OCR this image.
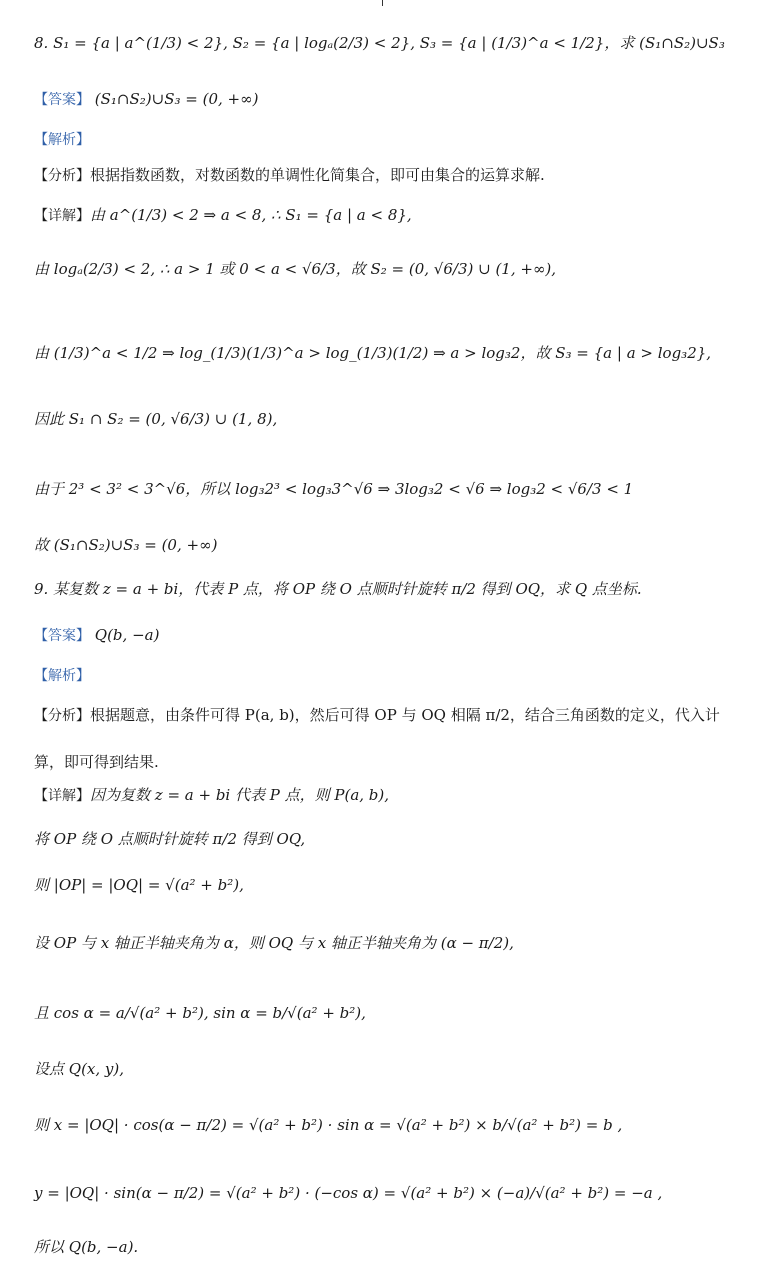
8. S₁ = {a | a^(1/3) < 2}, S₂ = {a | logₐ(2/3) < 2}, S₃ = {a | (1/3)^a < 1/2}，求 (S₁∩S₂)∪S₃
【答案】 (S₁∩S₂)∪S₃ = (0, +∞)
【解析】
【分析】根据指数函数，对数函数的单调性化简集合，即可由集合的运算求解.
【详解】由 a^(1/3) < 2 ⇒ a < 8, ∴ S₁ = {a | a < 8},
由 logₐ(2/3) < 2, ∴ a > 1 或 0 < a < √6/3，故 S₂ = (0, √6/3) ∪ (1, +∞),
由 (1/3)^a < 1/2 ⇒ log_(1/3)(1/3)^a > log_(1/3)(1/2) ⇒ a > log₃2，故 S₃ = {a | a > log₃2},
因此 S₁ ∩ S₂ = (0, √6/3) ∪ (1, 8),
由于 2³ < 3² < 3^√6，所以 log₃2³ < log₃3^√6 ⇒ 3log₃2 < √6 ⇒ log₃2 < √6/3 < 1
故 (S₁∩S₂)∪S₃ = (0, +∞)
9. 某复数 z = a + bi，代表 P 点，将 OP 绕 O 点顺时针旋转 π/2 得到 OQ，求 Q 点坐标.
【答案】 Q(b, −a)
【解析】
【分析】根据题意，由条件可得 P(a, b)，然后可得 OP 与 OQ 相隔 π/2，结合三角函数的定义，代入计算，即可得到结果.
【详解】因为复数 z = a + bi 代表 P 点，则 P(a, b),
将 OP 绕 O 点顺时针旋转 π/2 得到 OQ,
则 |OP| = |OQ| = √(a² + b²),
设 OP 与 x 轴正半轴夹角为 α，则 OQ 与 x 轴正半轴夹角为 (α − π/2),
且 cos α = a/√(a² + b²), sin α = b/√(a² + b²),
设点 Q(x, y),
则 x = |OQ| · cos(α − π/2) = √(a² + b²) · sin α = √(a² + b²) × b/√(a² + b²) = b ,
y = |OQ| · sin(α − π/2) = √(a² + b²) · (−cos α) = √(a² + b²) × (−a)/√(a² + b²) = −a ,
所以 Q(b, −a).
